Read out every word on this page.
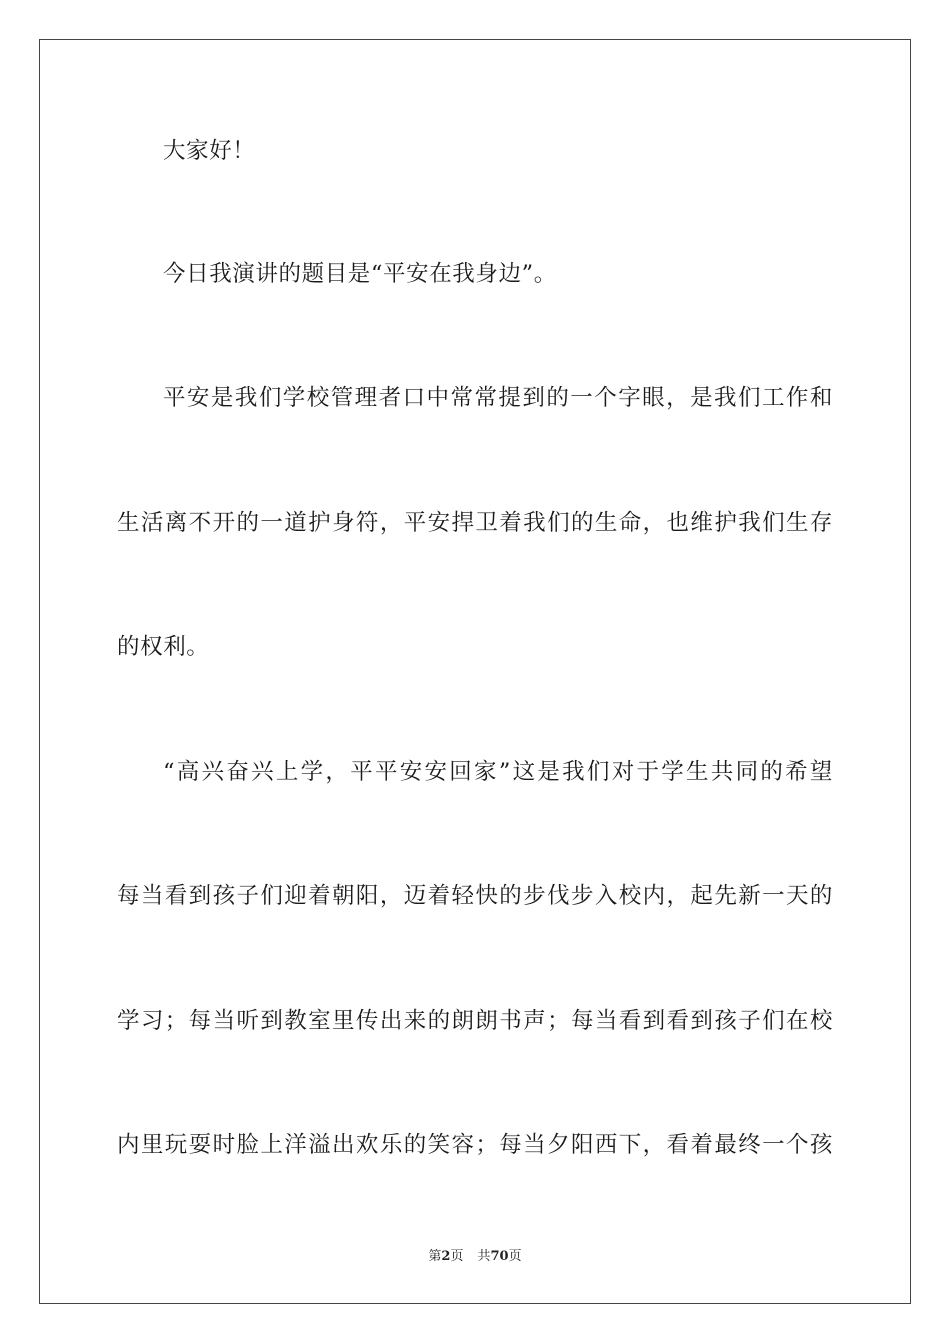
大家好！
今日我演讲的题目是“平安在我身边”。
平安是我们学校管理者口中常常提到的一个字眼，是我们工作和
生活离不开的一道护身符，平安捍卫着我们的生命，也维护我们生存
的权利。
“高兴奋兴上学，平平安安回家”这是我们对于学生共同的希望
每当看到孩子们迎着朝阳，迈着轻快的步伐步入校内，起先新一天的
学习；每当听到教室里传出来的朗朗书声；每当看到看到孩子们在校
内里玩耍时脸上洋溢出欢乐的笑容；每当夕阳西下，看着最终一个孩
第2页 共70页
